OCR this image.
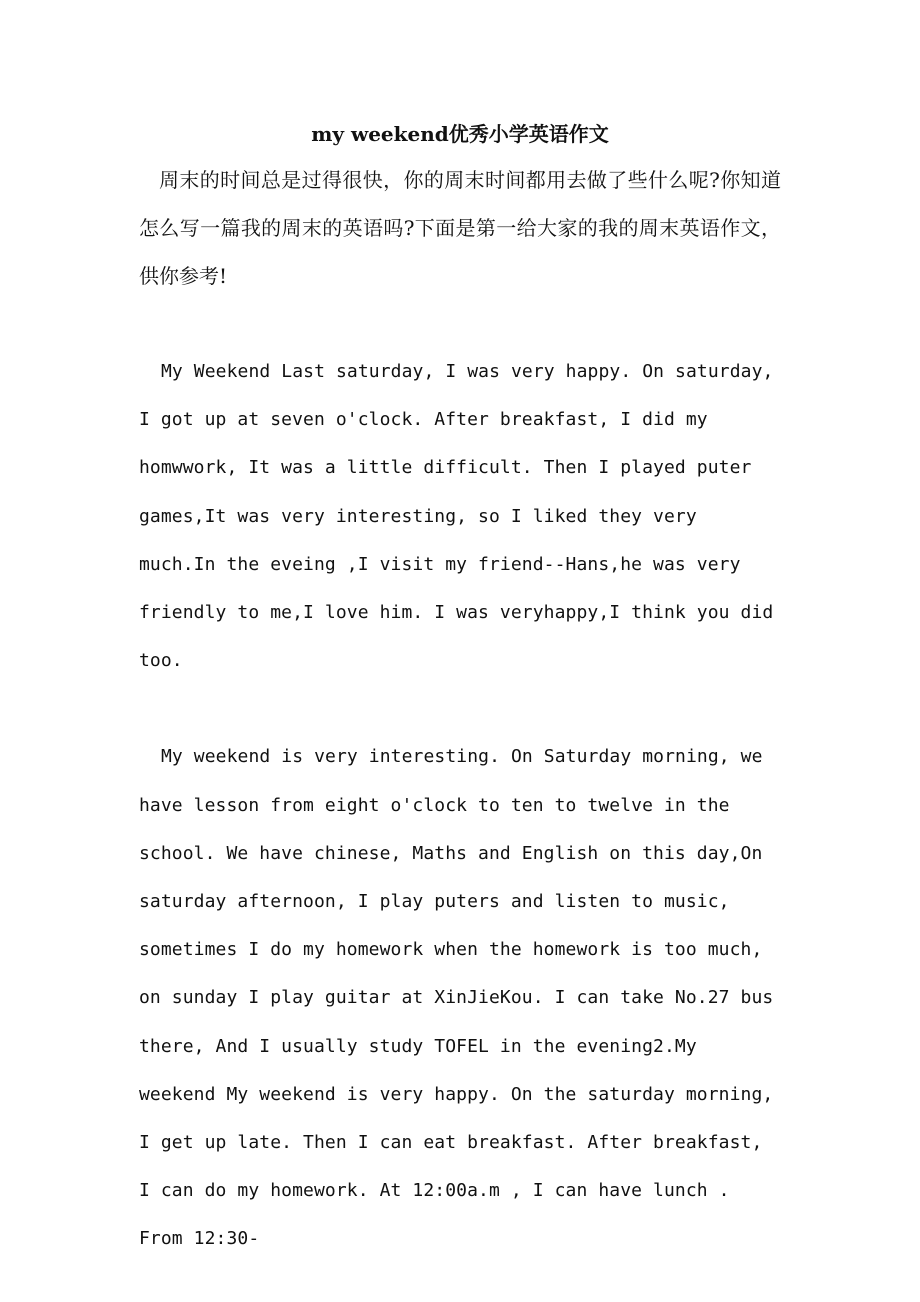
my weekend优秀小学英语作文

周末的时间总是过得很快，你的周末时间都用去做了些什么呢?你知道怎么写一篇我的周末的英语吗?下面是第一给大家的我的周末英语作文，供你参考!

My Weekend Last saturday, I was very happy. On saturday, I got up at seven o'clock. After breakfast, I did my homwwork, It was a little difficult. Then I played puter games,It was very interesting, so I liked they very much.In the eveing ,I visit my friend--Hans,he was very friendly to me,I love him. I was veryhappy,I think you did too.

My weekend is very interesting. On Saturday morning, we have lesson from eight o'clock to ten to twelve in the school. We have chinese, Maths and English on this day,On saturday afternoon, I play puters and listen to music, sometimes I do my homework when the homework is too much, on sunday I play guitar at XinJieKou. I can take No.27 bus there, And I usually study TOFEL in the evening2.My weekend My weekend is very happy. On the saturday morning, I get up late. Then I can eat breakfast. After breakfast, I can do my homework. At 12:00a.m , I can have lunch . From 12:30-
